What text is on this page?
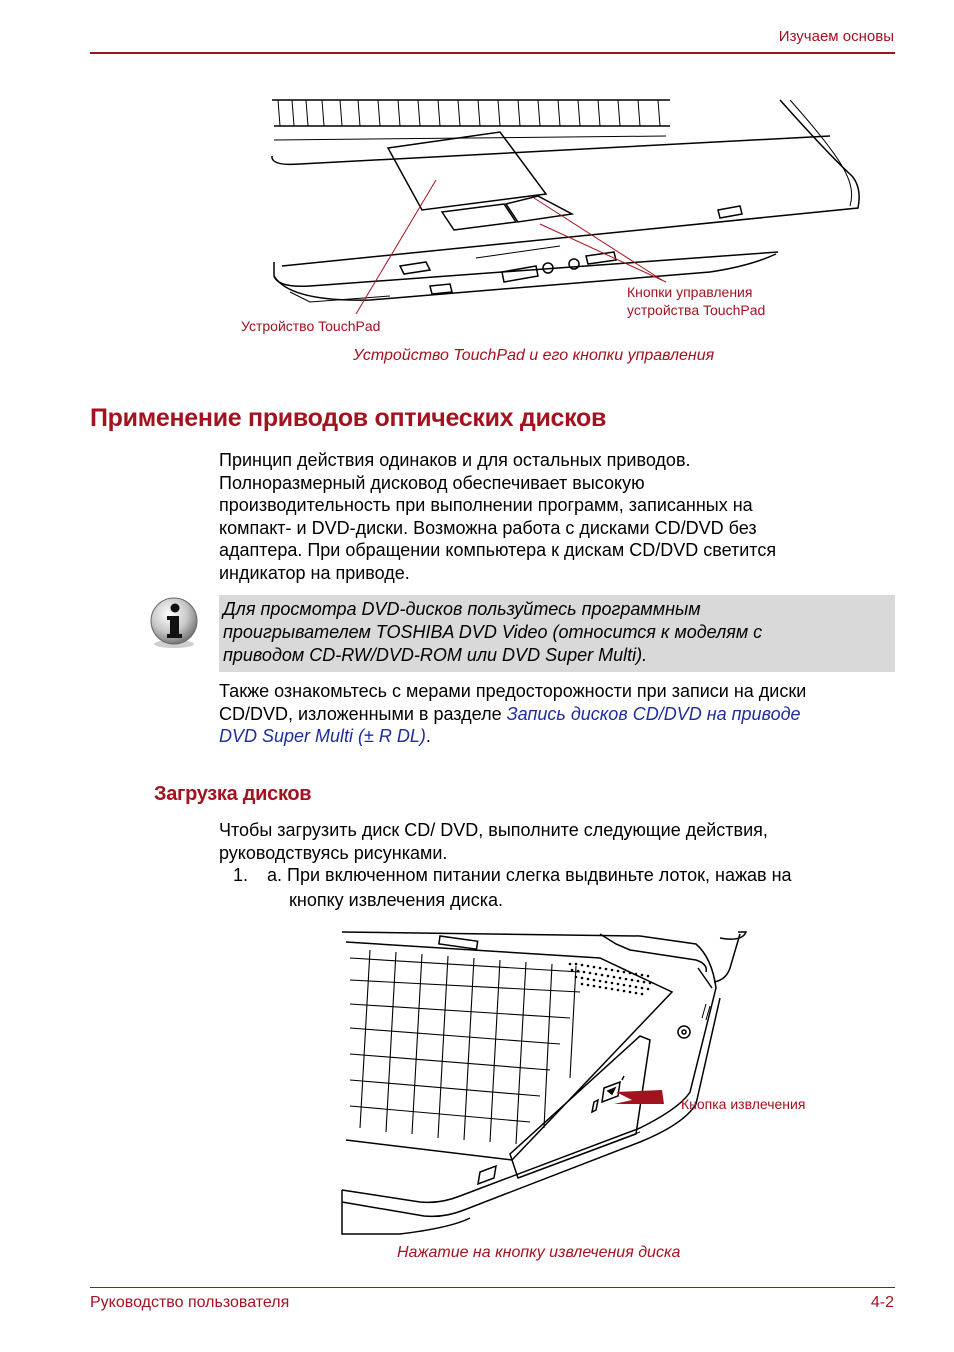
Изучаем основы
Устройство TouchPad
Кнопки управления
устройства TouchPad
Устройство TouchPad и его кнопки управления
Применение приводов оптических дисков
Принцип действия одинаков и для остальных приводов.
Полноразмерный дисковод обеспечивает высокую
производительность при выполнении программ, записанных на
компакт- и DVD-диски. Возможна работа с дисками CD/DVD без
адаптера. При обращении компьютера к дискам CD/DVD светится
индикатор на приводе.
Для просмотра DVD-дисков пользуйтесь программным
проигрывателем TOSHIBA DVD Video (относится к моделям с
приводом CD-RW/DVD-ROM или DVD Super Multi).
Также ознакомьтесь с мерами предосторожности при записи на диски
CD/DVD, изложенными в разделе Запись дисков CD/DVD на приводе
DVD Super Multi (± R DL).
Загрузка дисков
Чтобы загрузить диск CD/ DVD, выполните следующие действия,
руководствуясь рисунками.
1. a. При включенном питании слегка выдвиньте лоток, нажав на
кнопку извлечения диска.
Кнопка извлечения
Нажатие на кнопку извлечения диска
Руководство пользователя	4-2
